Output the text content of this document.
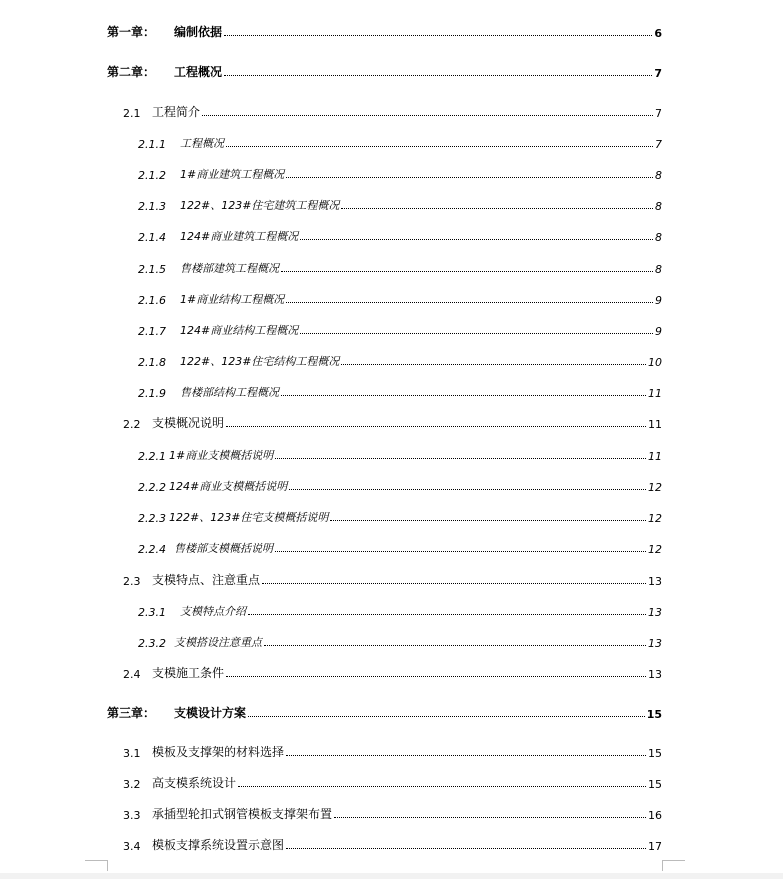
第一章：	编制依据	6
第二章：	工程概况	7
2.1 工程简介	7
2.1.1	工程概况	7
2.1.2	1#商业建筑工程概况	8
2.1.3	122#、123#住宅建筑工程概况	8
2.1.4	124#商业建筑工程概况	8
2.1.5	售楼部建筑工程概况	8
2.1.6	1#商业结构工程概况	9
2.1.7	124#商业结构工程概况	9
2.1.8	122#、123#住宅结构工程概况	10
2.1.9	售楼部结构工程概况	11
2.2 支模概况说明	11
2.2.1 1#商业支模概括说明	11
2.2.2 124#商业支模概括说明	12
2.2.3 122#、123#住宅支模概括说明	12
2.2.4 售楼部支模概括说明	12
2.3 支模特点、注意重点	13
2.3.1	支模特点介绍	13
2.3.2 支模搭设注意重点	13
2.4 支模施工条件	13
第三章：	支模设计方案	15
3.1 模板及支撑架的材料选择	15
3.2 高支模系统设计	15
3.3 承插型轮扣式钢管模板支撑架布置	16
3.4 模板支撑系统设置示意图	17
